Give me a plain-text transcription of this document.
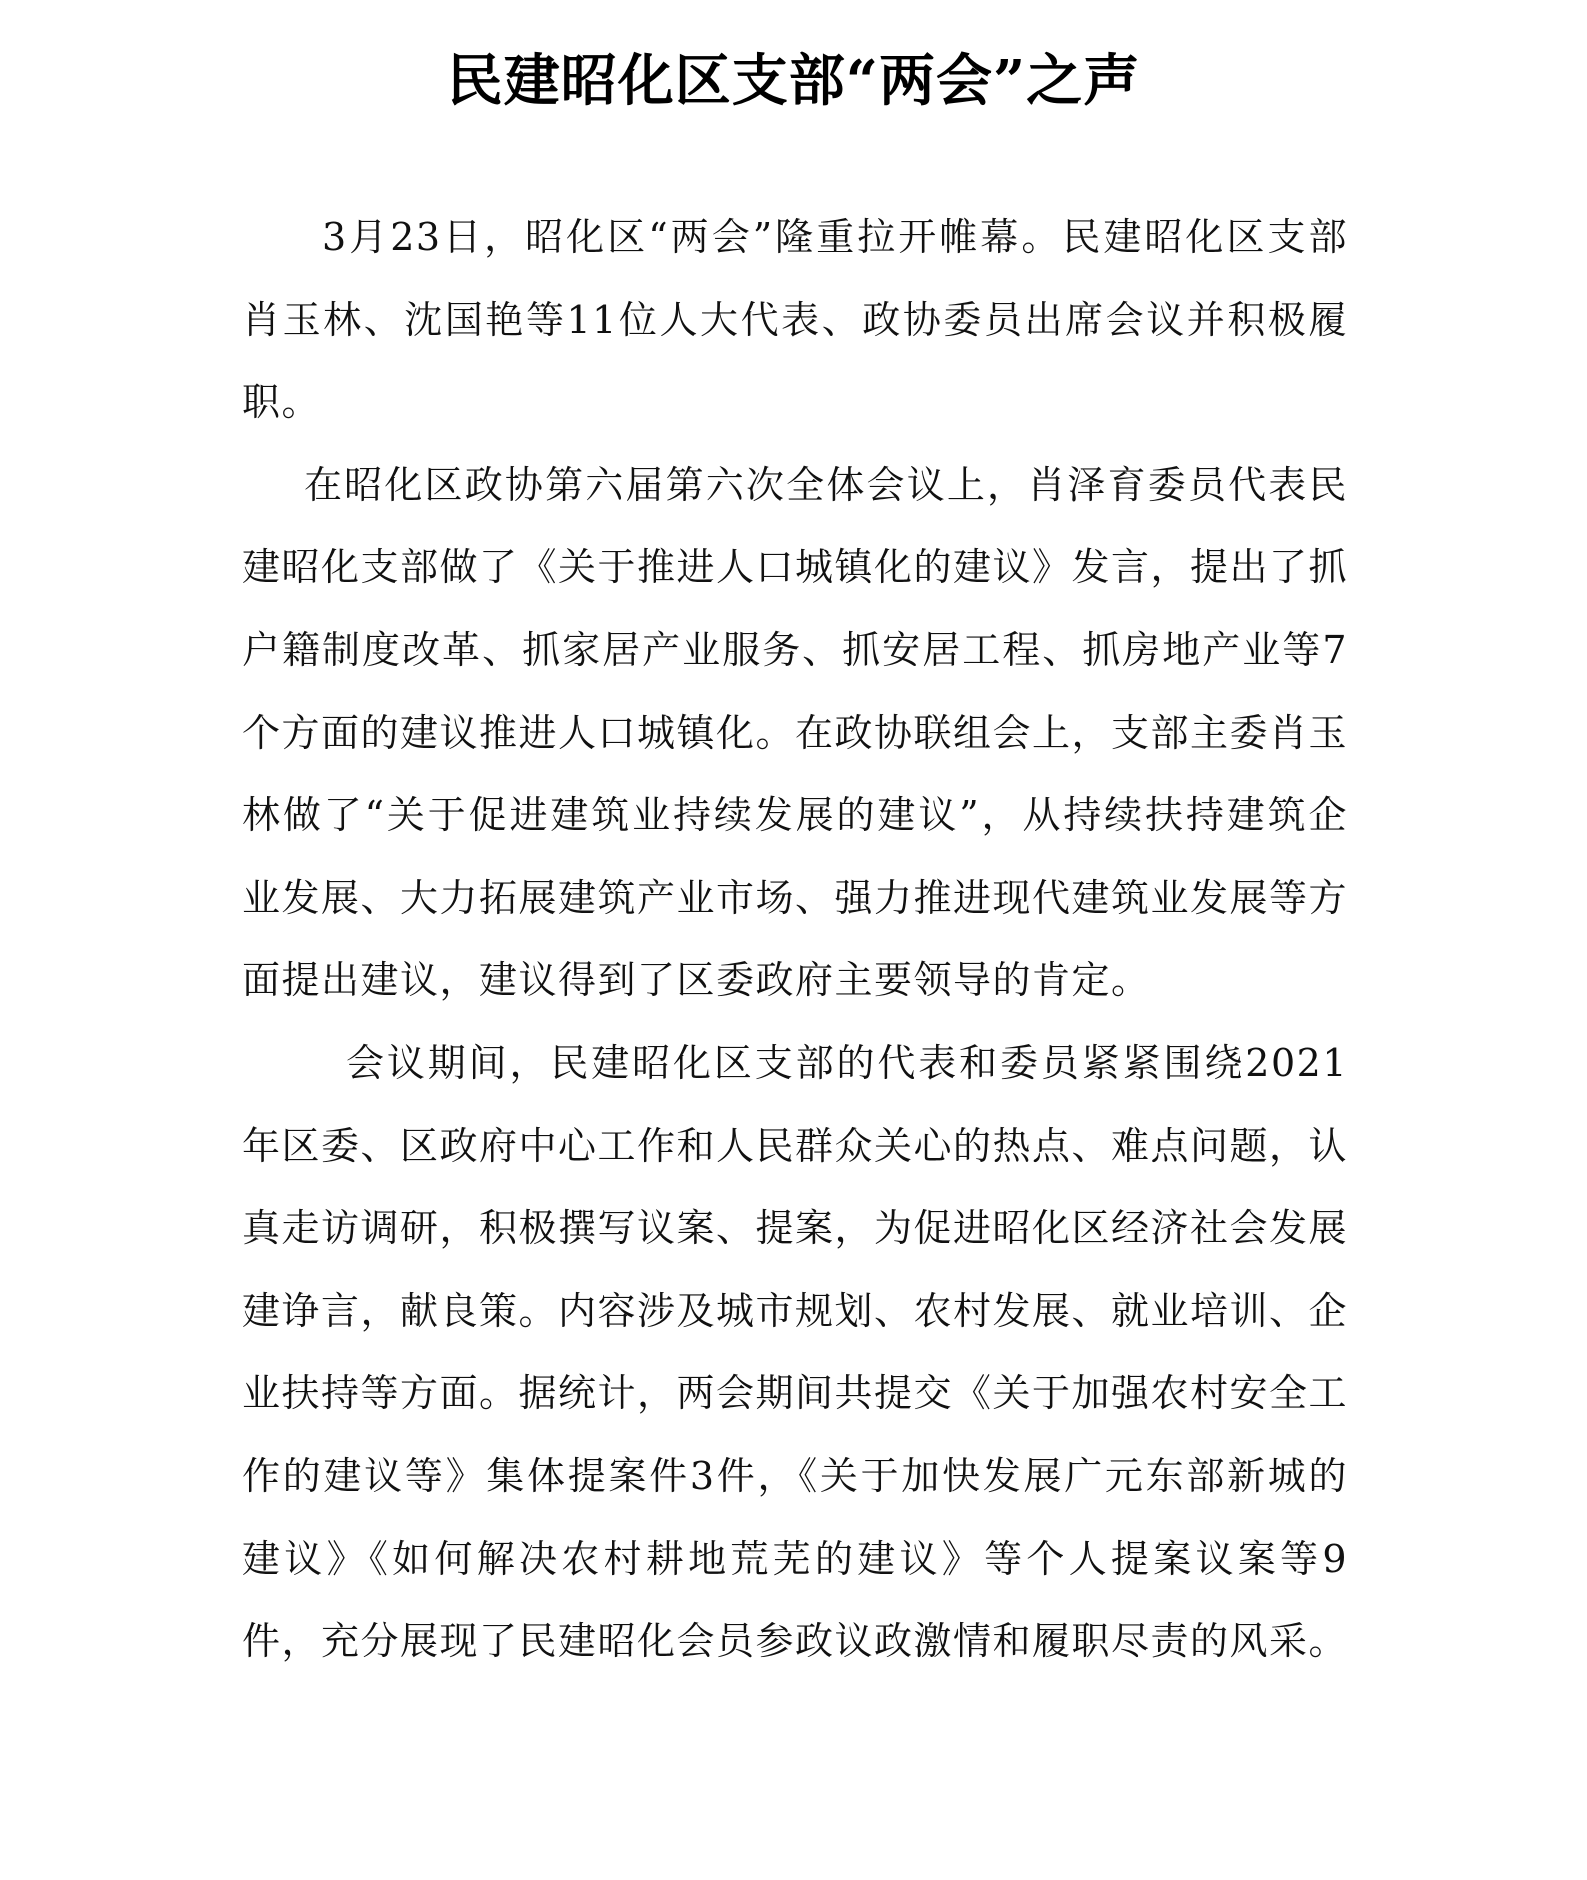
民建昭化区支部“两会”之声

3月23日，昭化区“两会”隆重拉开帷幕。民建昭化区支部肖玉林、沈国艳等11位人大代表、政协委员出席会议并积极履职。

在昭化区政协第六届第六次全体会议上，肖泽育委员代表民建昭化支部做了《关于推进人口城镇化的建议》发言，提出了抓户籍制度改革、抓家居产业服务、抓安居工程、抓房地产业等7个方面的建议推进人口城镇化。在政协联组会上，支部主委肖玉林做了“关于促进建筑业持续发展的建议”，从持续扶持建筑企业发展、大力拓展建筑产业市场、强力推进现代建筑业发展等方面提出建议，建议得到了区委政府主要领导的肯定。

会议期间，民建昭化区支部的代表和委员紧紧围绕2021年区委、区政府中心工作和人民群众关心的热点、难点问题，认真走访调研，积极撰写议案、提案，为促进昭化区经济社会发展建诤言，献良策。内容涉及城市规划、农村发展、就业培训、企业扶持等方面。据统计，两会期间共提交《关于加强农村安全工作的建议等》集体提案件3件，《关于加快发展广元东部新城的建议》《如何解决农村耕地荒芜的建议》等个人提案议案等9件，充分展现了民建昭化会员参政议政激情和履职尽责的风采。
